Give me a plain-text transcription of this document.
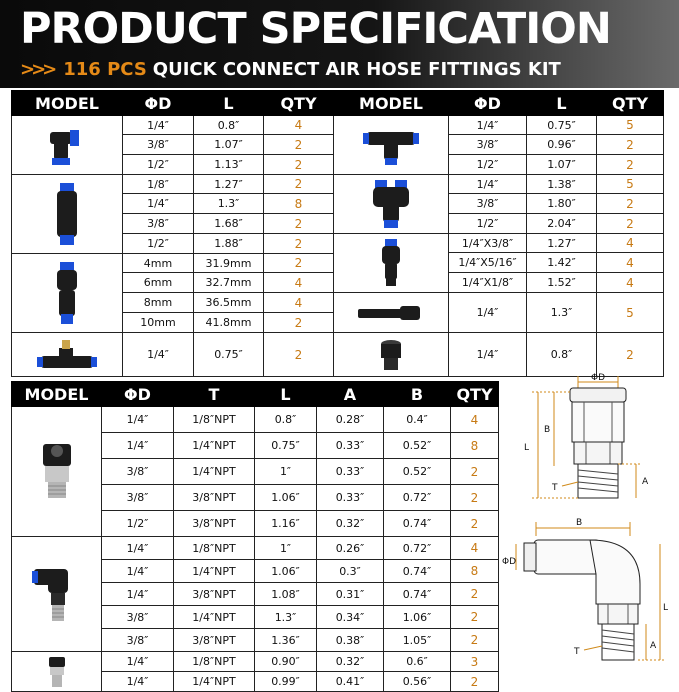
PRODUCT SPECIFICATION
>>> 116 PCS QUICK CONNECT AIR HOSE FITTINGS KIT
MODEL	ΦD	L	QTY

	1/4″	0.8″	4
	3/8″	1.07″	2
	1/2″	1.13″	2

	1/8″	1.27″	2
	1/4″	1.3″	8
	3/8″	1.68″	2
	1/2″	1.88″	2

	4mm	31.9mm	2
	6mm	32.7mm	4
	8mm	36.5mm	4
	10mm	41.8mm	2

	1/4″	0.75″	2
MODEL	ΦD	L	QTY

	1/4″	0.75″	5
	3/8″	0.96″	2
	1/2″	1.07″	2

	1/4″	1.38″	5
	3/8″	1.80″	2
	1/2″	2.04″	2

	1/4″X3/8″	1.27″	4
	1/4″X5/16″	1.42″	4
	1/4″X1/8″	1.52″	4

	1/4″	1.3″	5

	1/4″	0.8″	2
MODEL	ΦD	T	L	A	B	QTY

	1/4″	1/8″NPT	0.8″	0.28″	0.4″	4
	1/4″	1/4″NPT	0.75″	0.33″	0.52″	8
	3/8″	1/4″NPT	1″	0.33″	0.52″	2
	3/8″	3/8″NPT	1.06″	0.33″	0.72″	2
	1/2″	3/8″NPT	1.16″	0.32″	0.74″	2

	1/4″	1/8″NPT	1″	0.26″	0.72″	4
	1/4″	1/4″NPT	1.06″	0.3″	0.74″	8
	1/4″	3/8″NPT	1.08″	0.31″	0.74″	2
	3/8″	1/4″NPT	1.3″	0.34″	1.06″	2
	3/8″	3/8″NPT	1.36″	0.38″	1.05″	2

	1/4″	1/8″NPT	0.90″	0.32″	0.6″	3
	1/4″	1/4″NPT	0.99″	0.41″	0.56″	2
ΦD
L
B
A
T
B
ΦD
L
A
T
